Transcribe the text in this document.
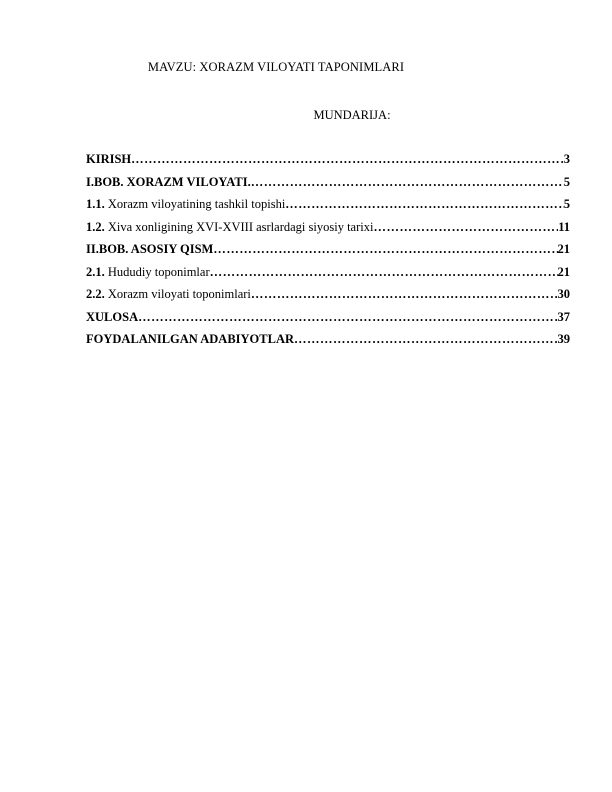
MAVZU: XORAZM VILOYATI TAPONIMLARI
MUNDARIJA:
KIRISH …………………………………………………………………………………………………………………………………………………………………………	3
I.BOB. XORAZM VILOYATI. …………………………………………………………………………………………………………………………………………………………………………	5
1.1. Xorazm viloyatining tashkil topishi …………………………………………………………………………………………………………………………………………………………………………	5
1.2. Xiva xonligining XVI-XVIII asrlardagi siyosiy tarixi …………………………………………………………………………………………………………………………………………………………………………	11
II.BOB. ASOSIY QISM …………………………………………………………………………………………………………………………………………………………………………	21
2.1. Hududiy toponimlar …………………………………………………………………………………………………………………………………………………………………………	21
2.2. Xorazm viloyati toponimlari …………………………………………………………………………………………………………………………………………………………………………	30
XULOSA …………………………………………………………………………………………………………………………………………………………………………	37
FOYDALANILGAN ADABIYOTLAR …………………………………………………………………………………………………………………………………………………………………………	39
